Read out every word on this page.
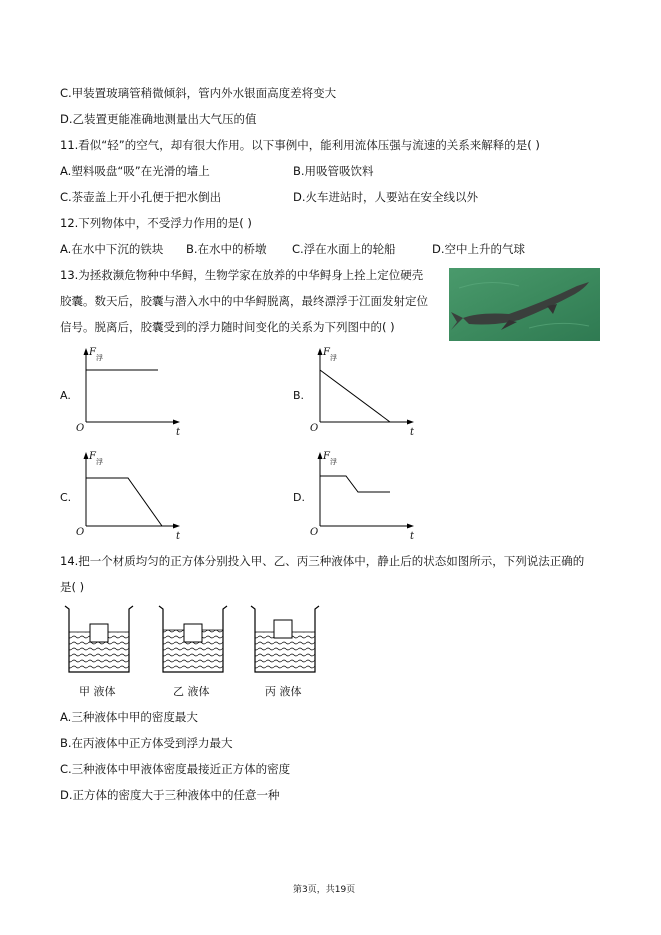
C.甲装置玻璃管稍微倾斜，管内外水银面高度差将变大
D.乙装置更能准确地测量出大气压的值
11.看似“轻”的空气，却有很大作用。以下事例中，能利用流体压强与流速的关系来解释的是( )
A.塑料吸盘“吸”在光滑的墙上	B.用吸管吸饮料
C.茶壶盖上开小孔便于把水倒出	D.火车进站时，人要站在安全线以外
12.下列物体中，不受浮力作用的是( )
A.在水中下沉的铁块 B.在水中的桥墩 C.浮在水面上的轮船	D.空中上升的气球
13.为拯救濒危物种中华鲟，生物学家在放养的中华鲟身上拴上定位硬壳
胶囊。数天后，胶囊与潜入水中的中华鲟脱离，最终漂浮于江面发射定位
信号。脱离后，胶囊受到的浮力随时间变化的关系为下列图中的( )
A.
F 浮
O	t
B.
F 浮
O	t
C.
F 浮
O	t
D.
F 浮
O	t
14.把一个材质均匀的正方体分别投入甲、乙、丙三种液体中，静止后的状态如图所示，下列说法正确的
是( )
甲 液体	乙 液体	丙 液体
A.三种液体中甲的密度最大
B.在丙液体中正方体受到浮力最大
C.三种液体中甲液体密度最接近正方体的密度
D.正方体的密度大于三种液体中的任意一种
第3页，共19页
